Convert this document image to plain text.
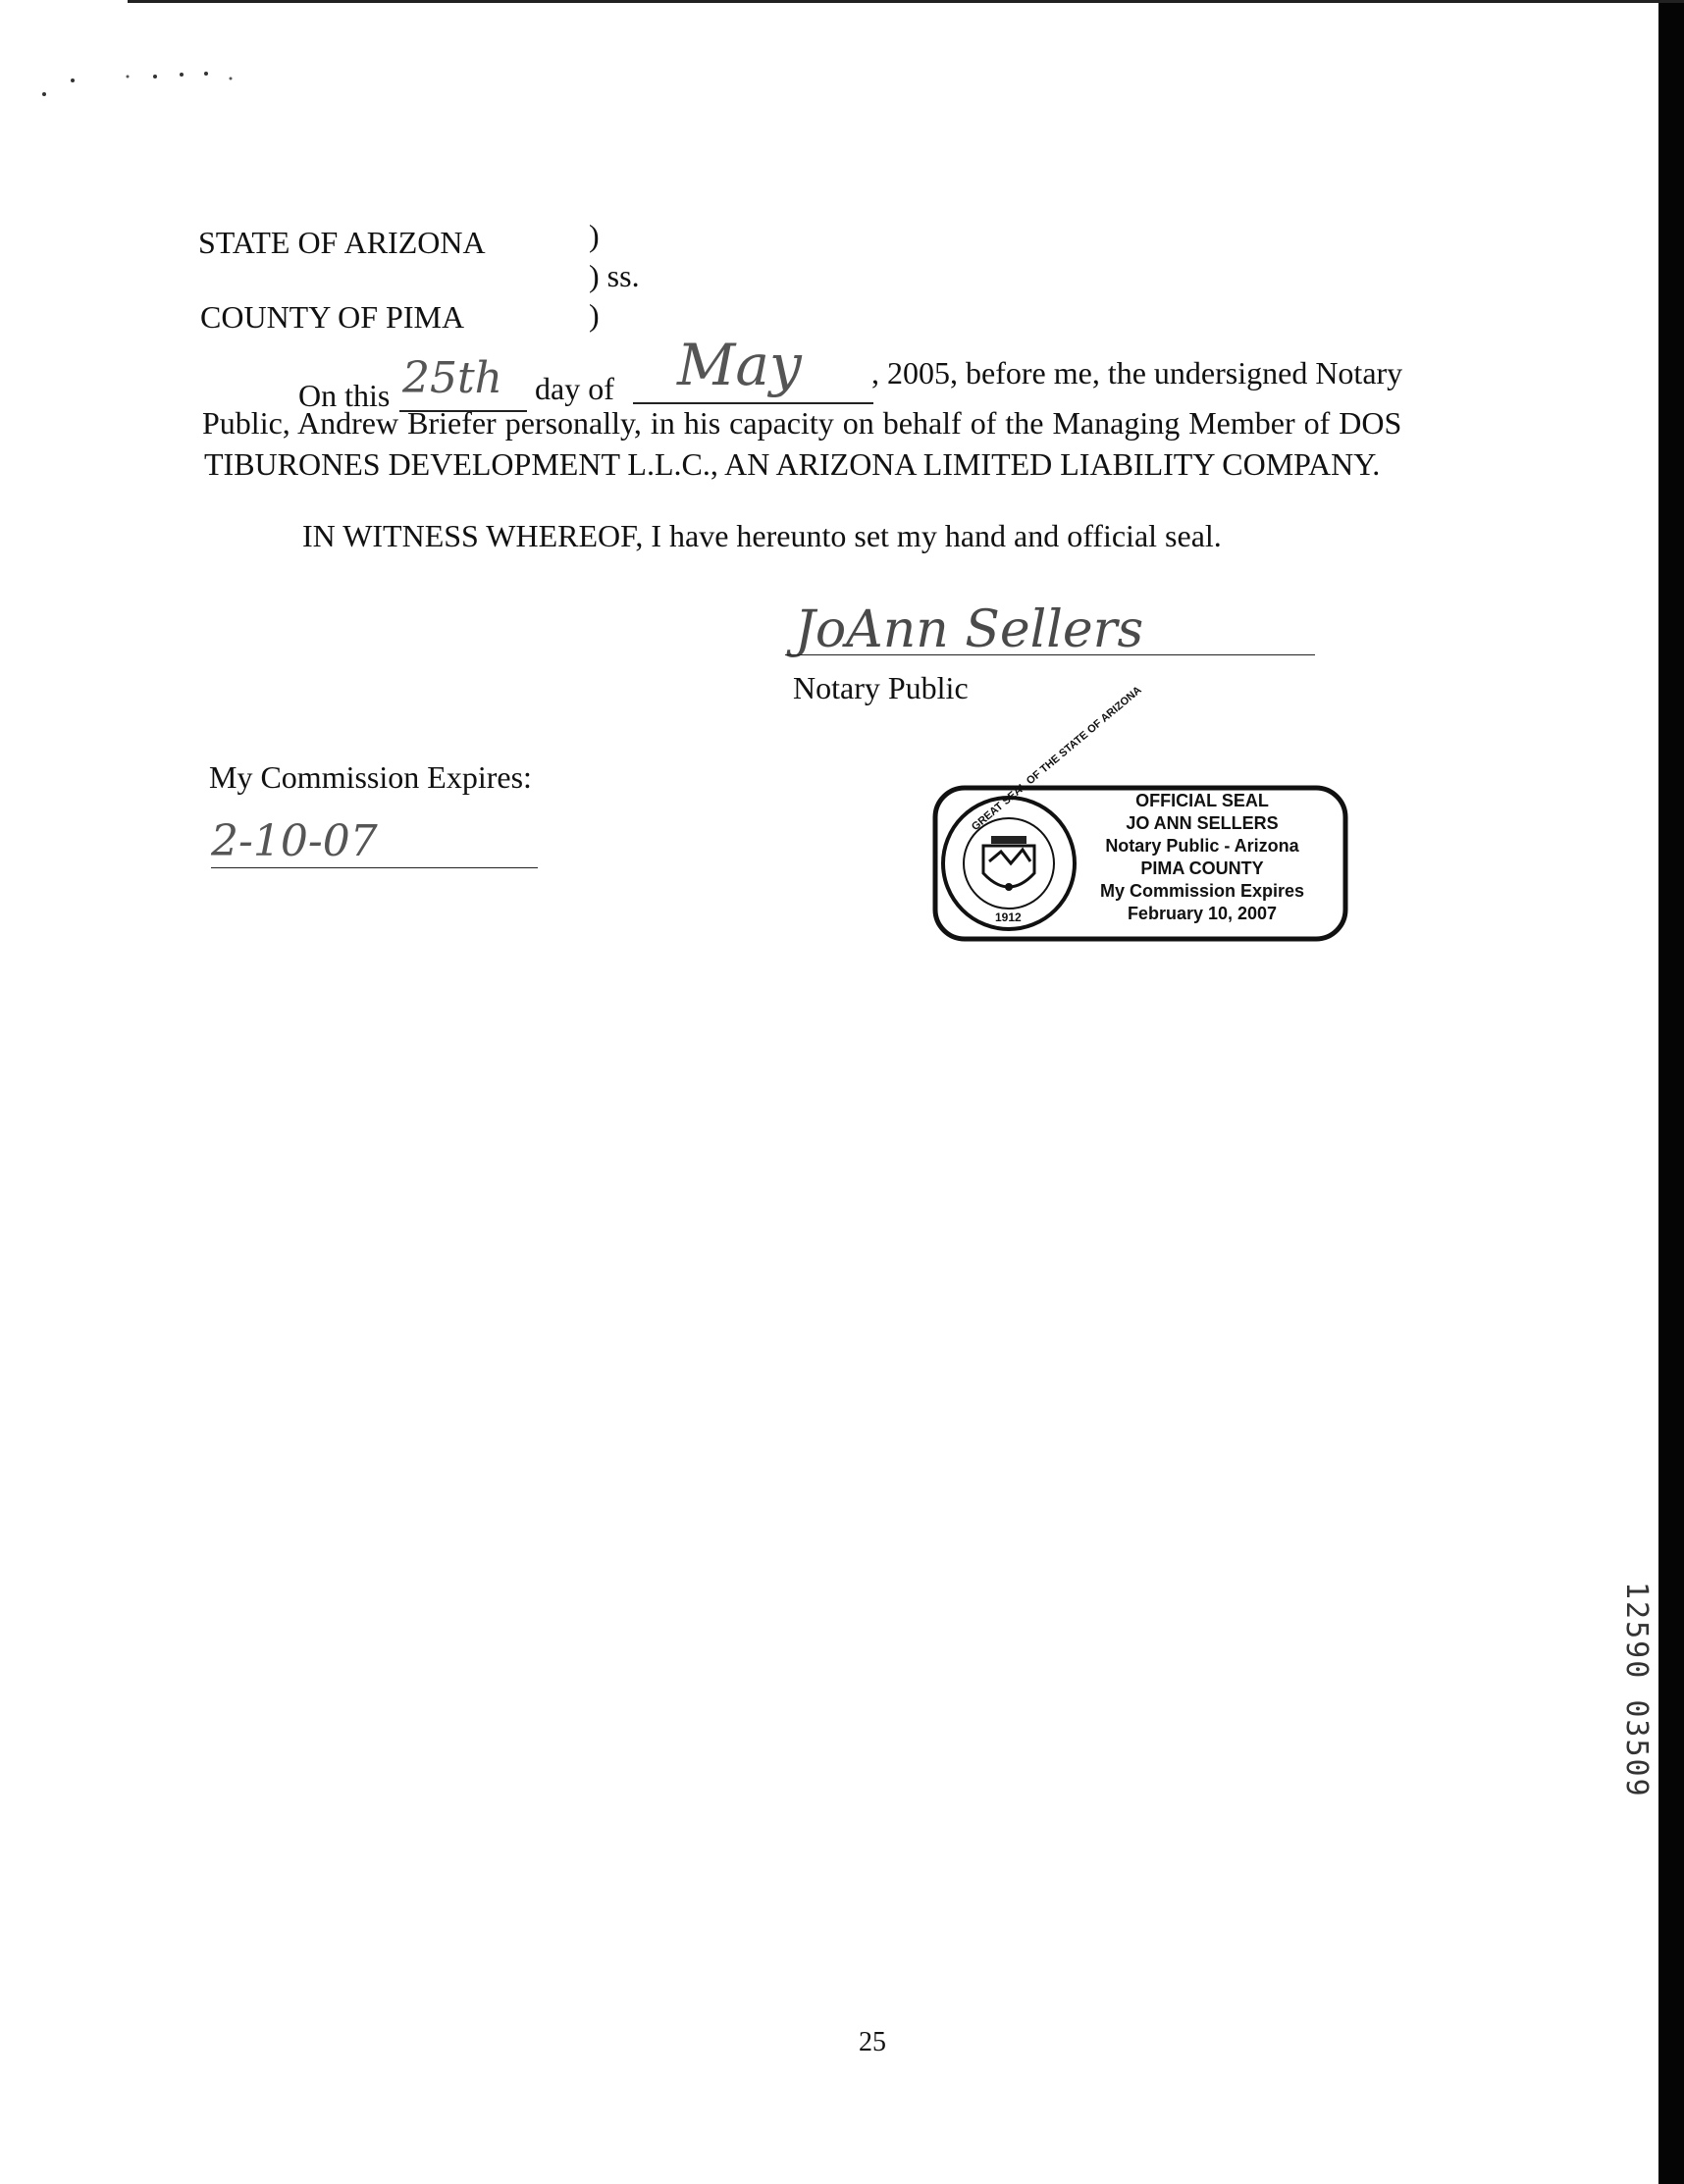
STATE OF ARIZONA	)
) ss.
COUNTY OF PIMA	)
On this 25th day of May , 2005, before me, the undersigned Notary
Public, Andrew Briefer personally, in his capacity on behalf of the Managing Member of DOS
TIBURONES DEVELOPMENT L.L.C., AN ARIZONA LIMITED LIABILITY COMPANY.
IN WITNESS WHEREOF, I have hereunto set my hand and official seal.
JoAnn Sellers
Notary Public
My Commission Expires:
2-10-07
GREAT SEAL OF THE STATE OF ARIZONA
1912
OFFICIAL SEAL
JO ANN SELLERS
Notary Public - Arizona
PIMA COUNTY
My Commission Expires
February 10, 2007
12590 03509
25
